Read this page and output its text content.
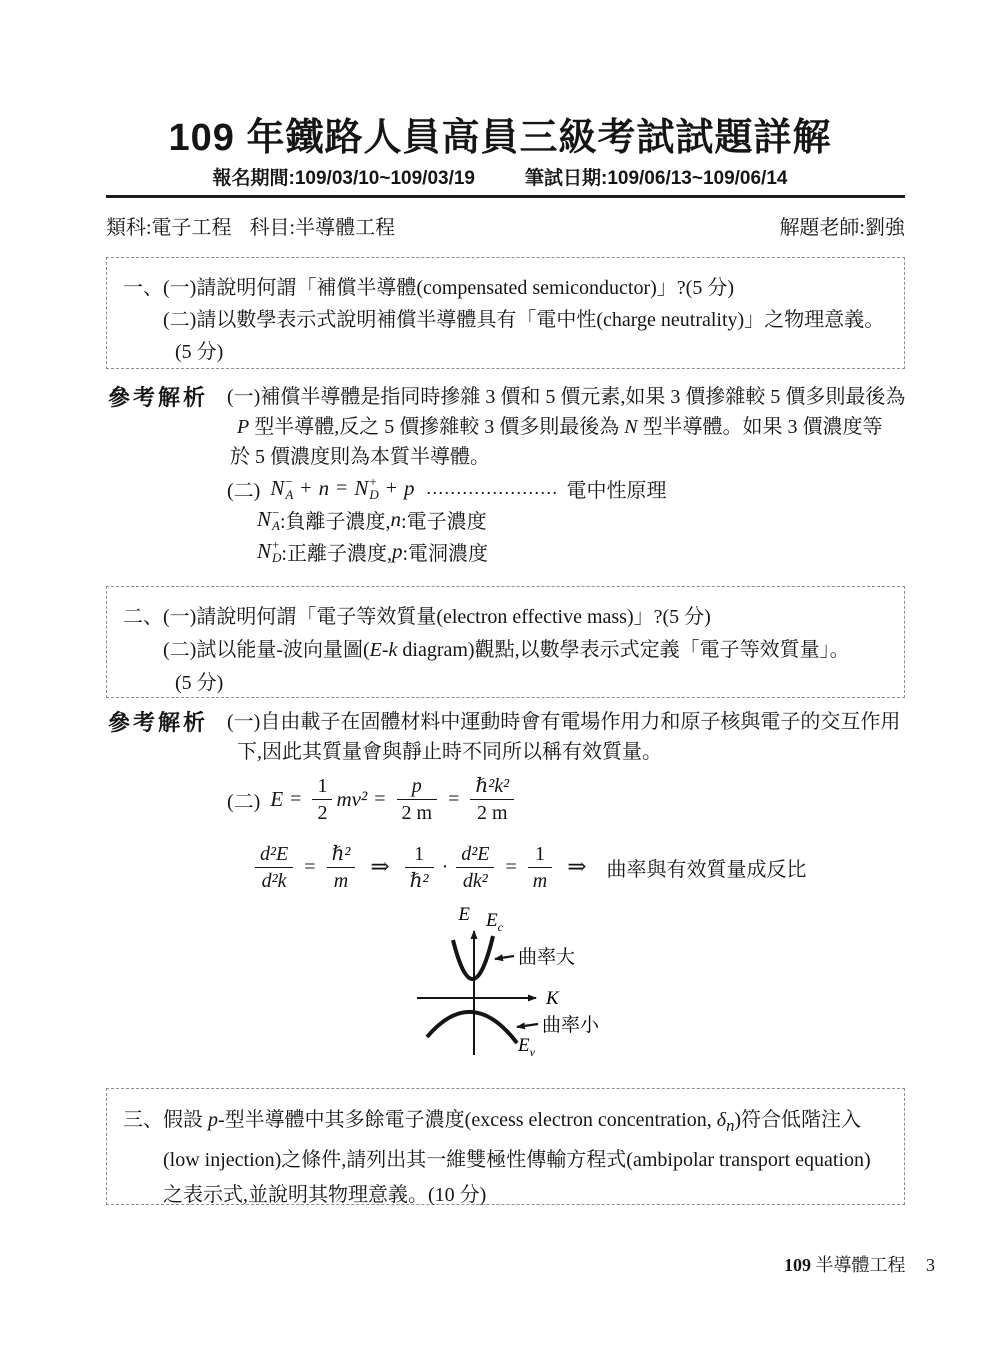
109 年鐵路人員高員三級考試試題詳解
報名期間:109/03/10~109/03/19	筆試日期:109/06/13~109/06/14
類科:電子工程 科目:半導體工程	解題老師:劉強
一、(一)請說明何謂「補償半導體(compensated semiconductor)」?(5 分)
(二)請以數學表示式說明補償半導體具有「電中性(charge neutrality)」之物理意義。
(5 分)
參考解析 (一)補償半導體是指同時摻雜 3 價和 5 價元素,如果 3 價摻雜較 5 價多則最後為
P 型半導體,反之 5 價摻雜較 3 價多則最後為 N 型半導體。如果 3 價濃度等
於 5 價濃度則為本質半導體。
(二) N −
A + n = N +
D + p ...................... 電中性原理
N −
A :負離子濃度, n :電子濃度
N +
D :正離子濃度, p :電洞濃度
二、(一)請說明何謂「電子等效質量(electron effective mass)」?(5 分)
(二)試以能量-波向量圖(E-k diagram)觀點,以數學表示式定義「電子等效質量」。
(5 分)
參考解析 (一)自由載子在固體材料中運動時會有電場作用力和原子核與電子的交互作用
下,因此其質量會與靜止時不同所以稱有效質量。
(二) $E = \frac{1}{2} mv^2 = \frac{p}{2 m} = \frac{\text{ℏ²k²}}{2 m}$
$\frac{\text{d²E}}{\text{d²k}} = \frac{\text{ℏ²}}{m}$ ⇒ $\frac{1}{\text{ℏ²}} \cdot \frac{\text{d²E}}{\text{dk²}} = \frac{1}{m}$ ⇒ 曲率與有效質量成反比
E $E_c$
K
曲率大
曲率小
$E_v$
三、假設 p-型半導體中其多餘電子濃度(excess electron concentration, $\delta_n$)符合低階注入
(low injection)之條件,請列出其一維雙極性傳輸方程式(ambipolar transport equation)
之表示式,並說明其物理意義。(10 分)
109 半導體工程 3
